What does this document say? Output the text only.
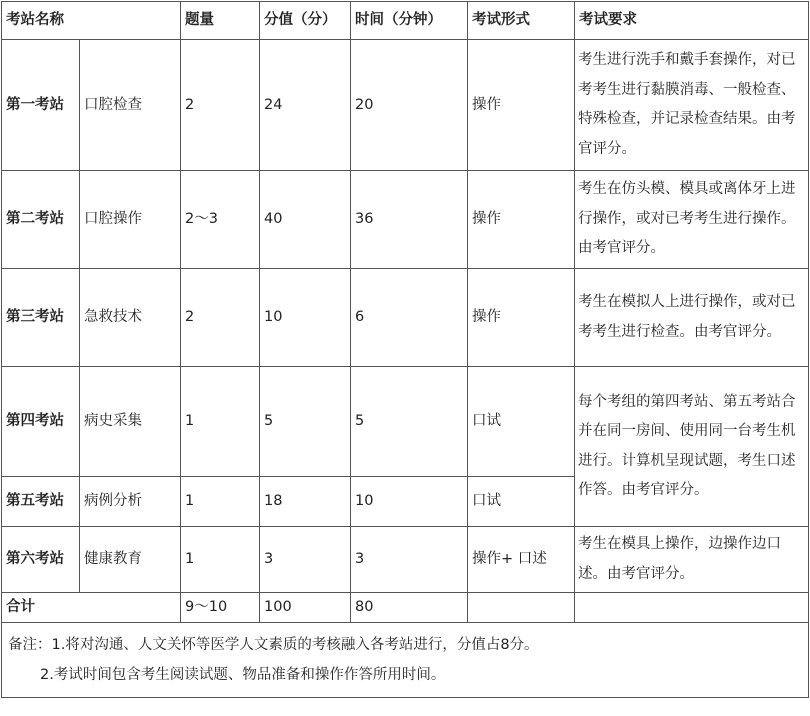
考站名称		题量	分值（分）	时间（分钟）	考试形式	考试要求
第一考站	口腔检查	2	24	20	操作	考生进行洗手和戴手套操作，对已考考生进行黏膜消毒、一般检查、特殊检查，并记录检查结果。由考官评分。
第二考站	口腔操作	2～3	40	36	操作	考生在仿头模、模具或离体牙上进行操作，或对已考考生进行操作。由考官评分。
第三考站	急救技术	2	10	6	操作	考生在模拟人上进行操作，或对已考考生进行检查。由考官评分。
第四考站	病史采集	1	5	5	口试	每个考组的第四考站、第五考站合并在同一房间、使用同一台考生机进行。计算机呈现试题，考生口述作答。由考官评分。
第五考站	病例分析	1	18	10	口试	
第六考站	健康教育	1	3	3	操作+ 口述	考生在模具上操作，边操作边口述。由考官评分。
合计		9～10	100	80		

备注：1.将对沟通、人文关怀等医学人文素质的考核融入各考站进行，分值占8分。
2.考试时间包含考生阅读试题、物品准备和操作作答所用时间。						
